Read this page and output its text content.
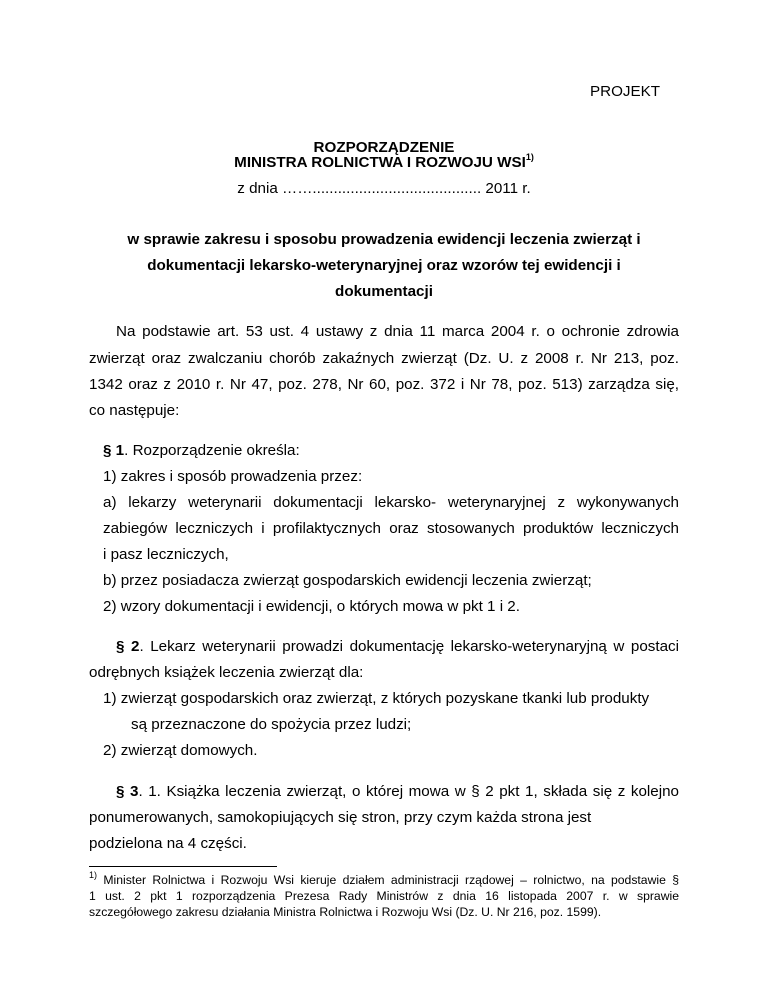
PROJEKT
ROZPORZĄDZENIE
MINISTRA ROLNICTWA I ROZWOJU WSI$^{1)}$
z dnia ……........................................ 2011 r.
w sprawie zakresu i sposobu prowadzenia ewidencji leczenia zwierząt i
dokumentacji lekarsko-weterynaryjnej oraz wzorów tej ewidencji i
dokumentacji
Na podstawie art. 53 ust. 4 ustawy z dnia 11 marca 2004 r. o ochronie zdrowia
zwierząt oraz zwalczaniu chorób zakaźnych zwierząt (Dz. U. z 2008 r. Nr 213, poz.
1342 oraz z 2010 r. Nr 47, poz. 278, Nr 60, poz. 372 i Nr 78, poz. 513) zarządza się,
co następuje:
§ 1. Rozporządzenie określa:
1) zakres i sposób prowadzenia przez:
a) lekarzy weterynarii dokumentacji lekarsko- weterynaryjnej z wykonywanych
zabiegów leczniczych i profilaktycznych oraz stosowanych produktów leczniczych
i pasz leczniczych,
b) przez posiadacza zwierząt gospodarskich ewidencji leczenia zwierząt;
2) wzory dokumentacji i ewidencji, o których mowa w pkt 1 i 2.
§ 2. Lekarz weterynarii prowadzi dokumentację lekarsko-weterynaryjną w postaci
odrębnych książek leczenia zwierząt dla:
1) zwierząt gospodarskich oraz zwierząt, z których pozyskane tkanki lub produkty
są przeznaczone do spożycia przez ludzi;
2) zwierząt domowych.
§ 3. 1. Książka leczenia zwierząt, o której mowa w § 2 pkt 1, składa się z kolejno
ponumerowanych, samokopiujących się stron, przy czym każda strona jest
podzielona na 4 części.
$^{1)}$ Minister Rolnictwa i Rozwoju Wsi kieruje działem administracji rządowej – rolnictwo, na podstawie §
1 ust. 2 pkt 1 rozporządzenia Prezesa Rady Ministrów z dnia 16 listopada 2007 r. w sprawie
szczegółowego zakresu działania Ministra Rolnictwa i Rozwoju Wsi (Dz. U. Nr 216, poz. 1599).
